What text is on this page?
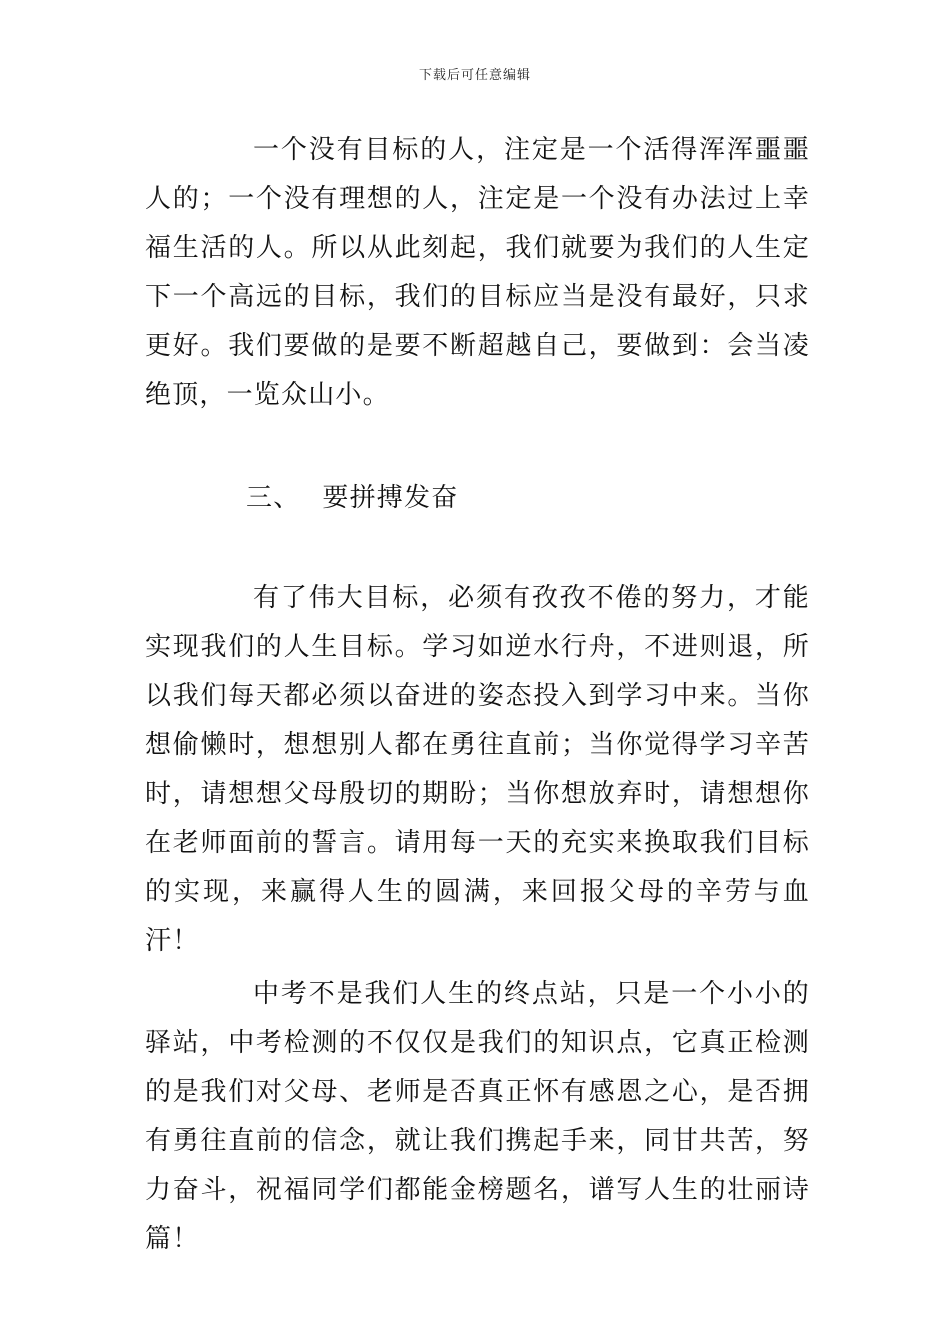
下载后可任意编辑

一个没有目标的人，注定是一个活得浑浑噩噩人的；一个没有理想的人，注定是一个没有办法过上幸福生活的人。所以从此刻起，我们就要为我们的人生定下一个高远的目标，我们的目标应当是没有最好，只求更好。我们要做的是要不断超越自己，要做到：会当凌绝顶，一览众山小。

三、 要拼搏发奋

有了伟大目标，必须有孜孜不倦的努力，才能实现我们的人生目标。学习如逆水行舟，不进则退，所以我们每天都必须以奋进的姿态投入到学习中来。当你想偷懒时，想想别人都在勇往直前；当你觉得学习辛苦时，请想想父母殷切的期盼；当你想放弃时，请想想你在老师面前的誓言。请用每一天的充实来换取我们目标的实现，来赢得人生的圆满，来回报父母的辛劳与血汗！

中考不是我们人生的终点站，只是一个小小的驿站，中考检测的不仅仅是我们的知识点，它真正检测的是我们对父母、老师是否真正怀有感恩之心，是否拥有勇往直前的信念，就让我们携起手来，同甘共苦，努力奋斗，祝福同学们都能金榜题名，谱写人生的壮丽诗篇！
